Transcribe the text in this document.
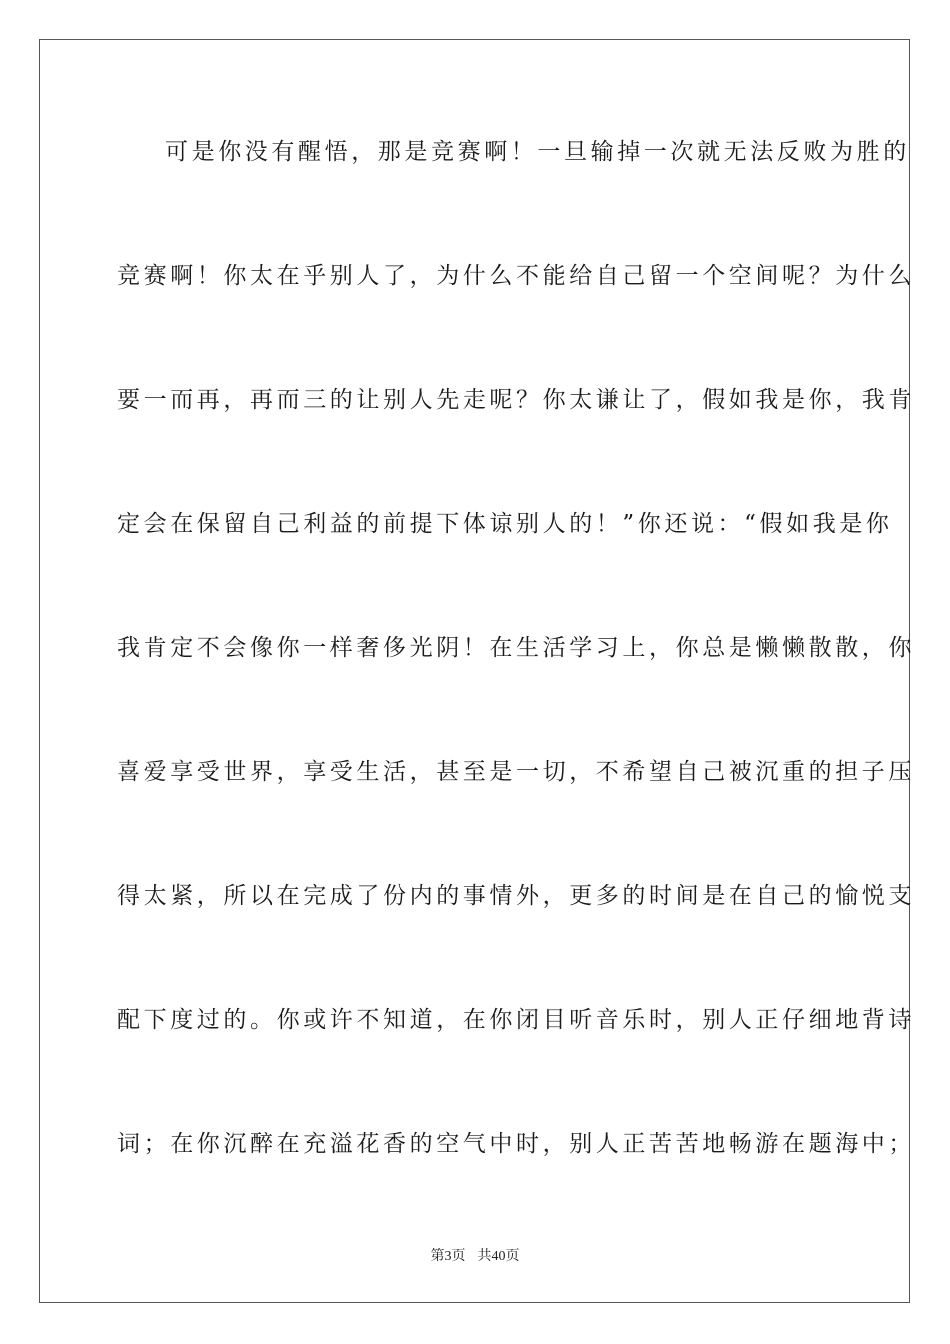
可是你没有醒悟，那是竞赛啊！一旦输掉一次就无法反败为胜的
竞赛啊！你太在乎别人了，为什么不能给自己留一个空间呢？为什么
要一而再，再而三的让别人先走呢？你太谦让了，假如我是你，我肯
定会在保留自己利益的前提下体谅别人的！”你还说：“假如我是你
我肯定不会像你一样奢侈光阴！在生活学习上，你总是懒懒散散，你
喜爱享受世界，享受生活，甚至是一切，不希望自己被沉重的担子压
得太紧，所以在完成了份内的事情外，更多的时间是在自己的愉悦支
配下度过的。你或许不知道，在你闭目听音乐时，别人正仔细地背诗
词；在你沉醉在充溢花香的空气中时，别人正苦苦地畅游在题海中；
第3页 共40页
